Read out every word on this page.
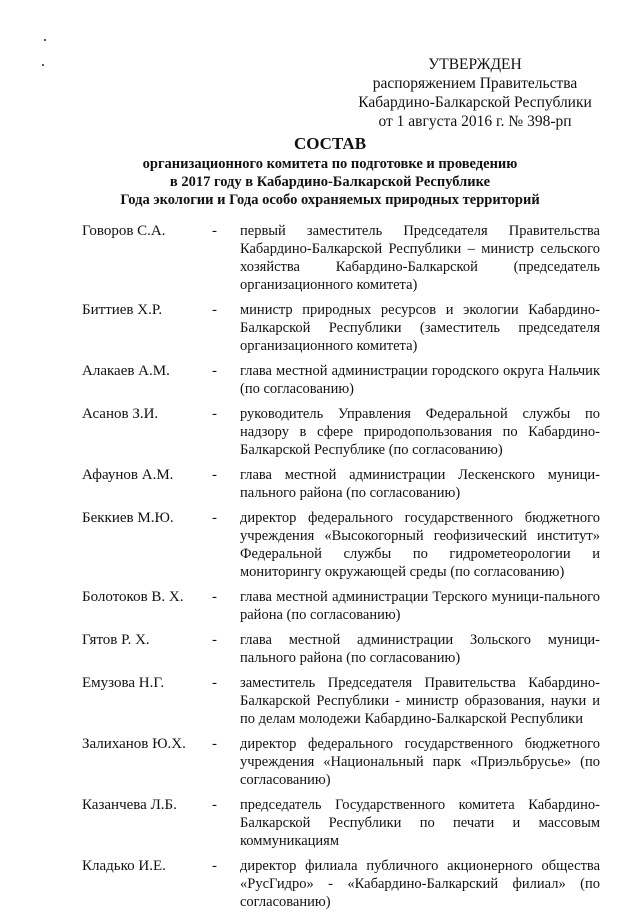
УТВЕРЖДЕН
распоряжением Правительства
Кабардино-Балкарской Республики
от 1 августа 2016 г. № 398-рп
СОСТАВ
организационного комитета по подготовке и проведению
в 2017 году в Кабардино-Балкарской Республике
Года экологии и Года особо охраняемых природных территорий
Говоров С.А.	-	первый заместитель Председателя Правительства Кабардино-Балкарской Республики – министр сельского хозяйства Кабардино-Балкарской (председатель организационного комитета)
Биттиев Х.Р.	-	министр природных ресурсов и экологии Кабардино-Балкарской Республики (заместитель председателя организационного комитета)
Алакаев А.М.	-	глава местной администрации городского округа Нальчик (по согласованию)
Асанов З.И.	-	руководитель Управления Федеральной службы по надзору в сфере природопользования по Кабардино-Балкарской Республике (по согласованию)
Афаунов А.М.	-	глава местной администрации Лескенского муници-пального района (по согласованию)
Беккиев М.Ю.	-	директор федерального государственного бюджетного учреждения «Высокогорный геофизический институт» Федеральной службы по гидрометеорологии и мониторингу окружающей среды (по согласованию)
Болотоков В. Х.	-	глава местной администрации Терского муници-пального района (по согласованию)
Гятов Р. Х.	-	глава местной администрации Зольского муници-пального района (по согласованию)
Емузова Н.Г.	-	заместитель Председателя Правительства Кабардино-Балкарской Республики - министр образования, науки и по делам молодежи Кабардино-Балкарской Республики
Залиханов Ю.Х.	-	директор федерального государственного бюджетного учреждения «Национальный парк «Приэльбрусье» (по согласованию)
Казанчева Л.Б.	-	председатель Государственного комитета Кабардино-Балкарской Республики по печати и массовым коммуникациям
Кладько И.Е.	-	директор филиала публичного акционерного общества «РусГидро» - «Кабардино-Балкарский филиал» (по согласованию)
